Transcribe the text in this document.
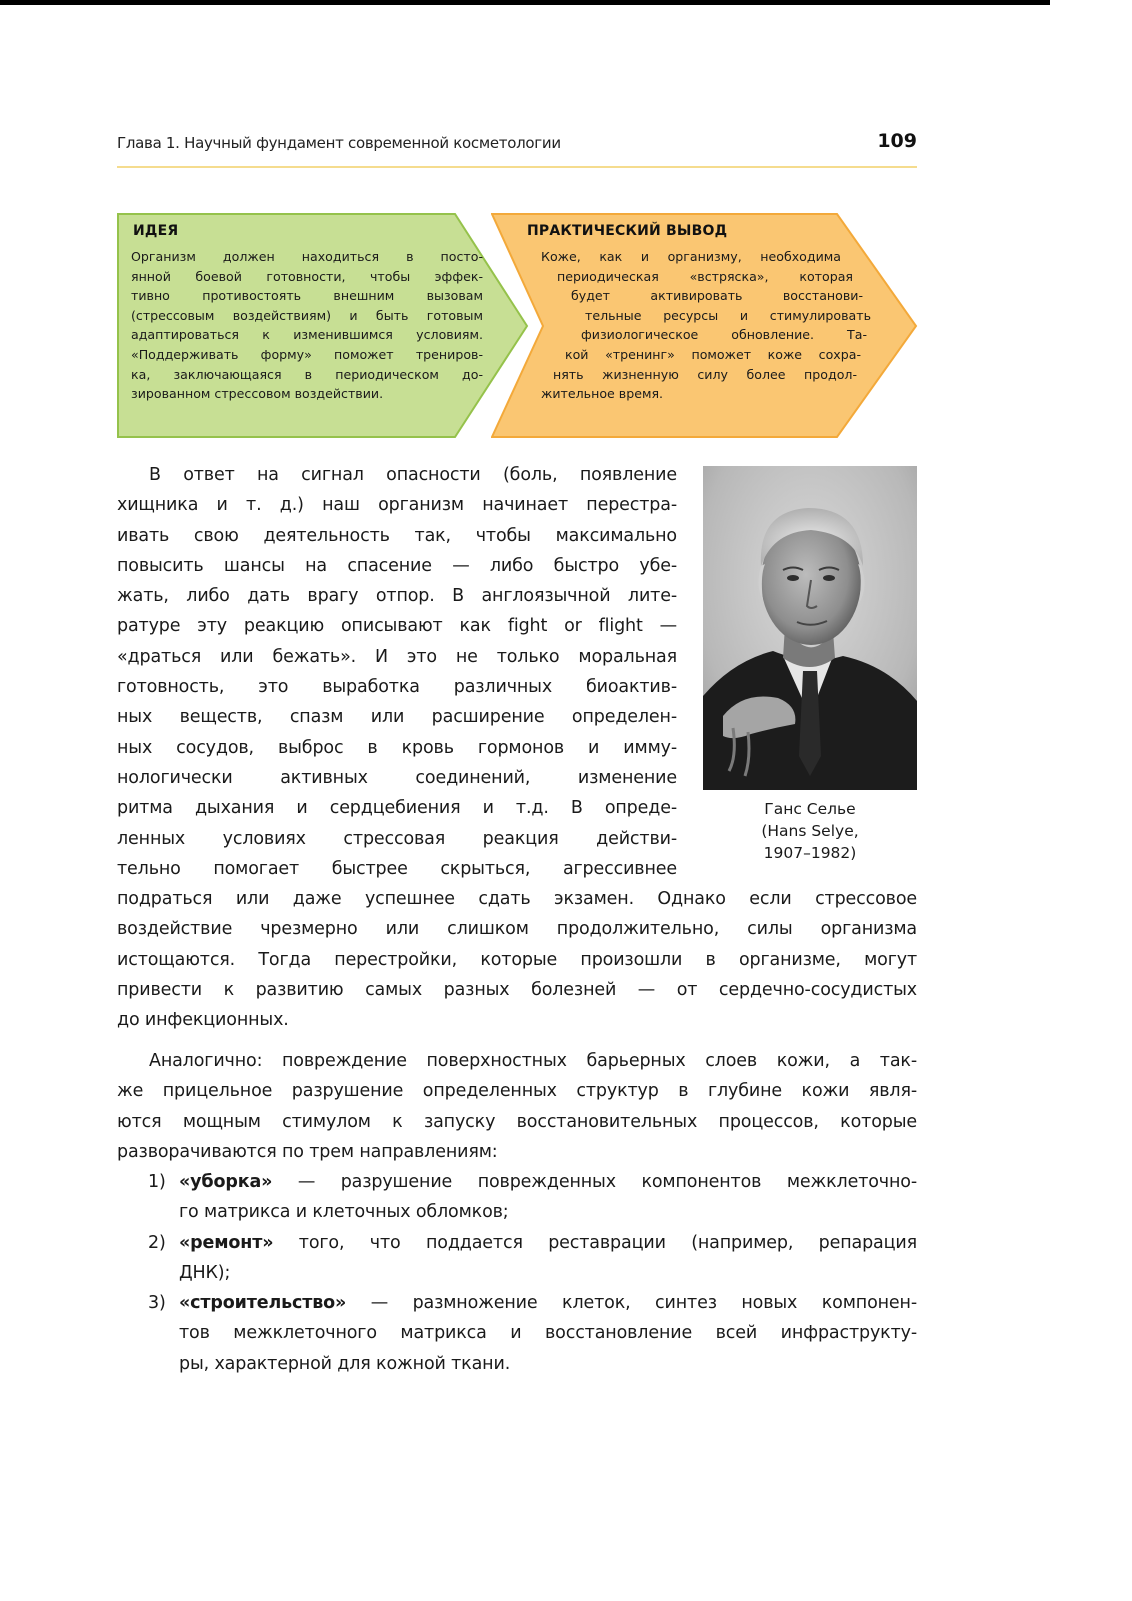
Глава 1. Научный фундамент современной косметологии	109
ИДЕЯ
Организм должен находиться в посто-
янной боевой готовности, чтобы эффек-
тивно противостоять внешним вызовам
(стрессовым воздействиям) и быть готовым
адаптироваться к изменившимся условиям.
«Поддерживать форму» поможет трениров-
ка, заключающаяся в периодическом до-
зированном стрессовом воздействии.
ПРАКТИЧЕСКИЙ ВЫВОД
Коже, как и организму, необходима
периодическая «встряска», которая
будет активировать восстанови-
тельные ресурсы и стимулировать
физиологическое обновление. Та-
кой «тренинг» поможет коже сохра-
нять жизненную силу более продол-
жительное время.
В ответ на сигнал опасности (боль, появление
хищника и т. д.) наш организм начинает перестра-
ивать свою деятельность так, чтобы максимально
повысить шансы на спасение — либо быстро убе-
жать, либо дать врагу отпор. В англоязычной лите-
ратуре эту реакцию описывают как fight or flight —
«драться или бежать». И это не только моральная
готовность, это выработка различных биоактив-
ных веществ, спазм или расширение определен-
ных сосудов, выброс в кровь гормонов и имму-
нологически активных соединений, изменение
ритма дыхания и сердцебиения и т.д. В опреде-
ленных условиях стрессовая реакция действи-
тельно помогает быстрее скрыться, агрессивнее
подраться или даже успешнее сдать экзамен. Однако если стрессовое
воздействие чрезмерно или слишком продолжительно, силы организма
истощаются. Тогда перестройки, которые произошли в организме, могут
привести к развитию самых разных болезней — от сердечно-сосудистых
до инфекционных.
Ганс Селье
(Hans Selye,
1907–1982)
Аналогично: повреждение поверхностных барьерных слоев кожи, а так-
же прицельное разрушение определенных структур в глубине кожи явля-
ются мощным стимулом к запуску восстановительных процессов, которые
разворачиваются по трем направлениям:
1) «уборка» — разрушение поврежденных компонентов межклеточно-
го матрикса и клеточных обломков;
2) «ремонт» того, что поддается реставрации (например, репарация
ДНК);
3) «строительство» — размножение клеток, синтез новых компонен-
тов межклеточного матрикса и восстановление всей инфраструкту-
ры, характерной для кожной ткани.
